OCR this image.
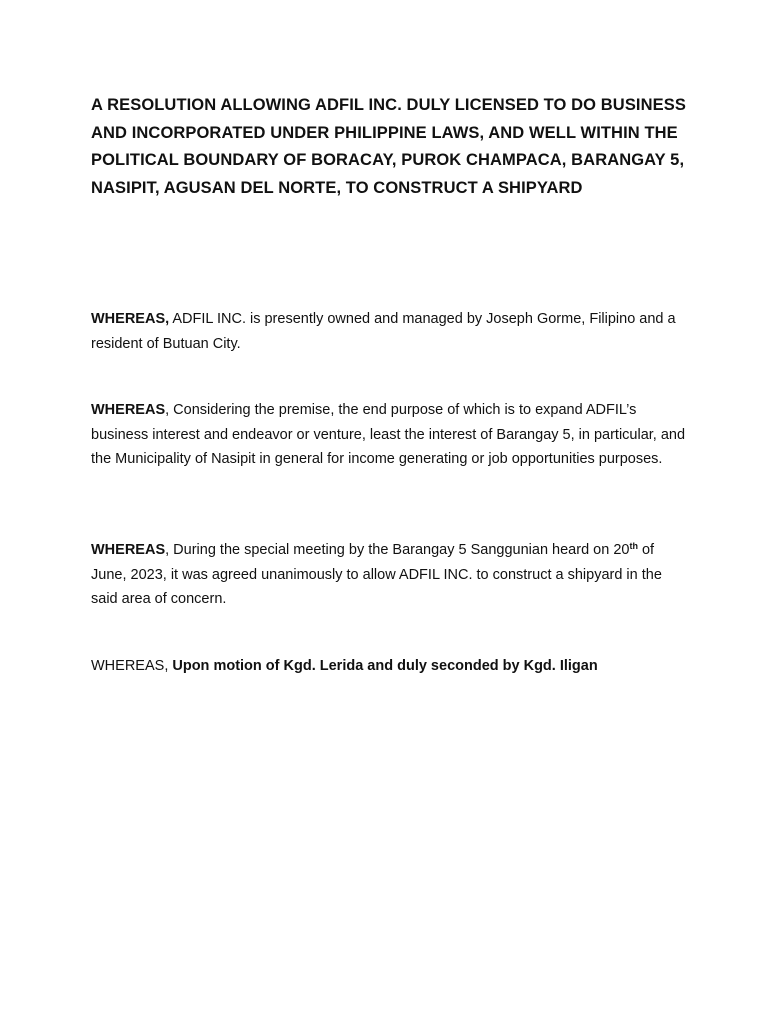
A RESOLUTION ALLOWING ADFIL INC. DULY LICENSED TO DO BUSINESS AND INCORPORATED UNDER PHILIPPINE LAWS, AND WELL WITHIN THE POLITICAL BOUNDARY OF BORACAY, PUROK CHAMPACA, BARANGAY 5, NASIPIT, AGUSAN DEL NORTE, TO CONSTRUCT A SHIPYARD

WHEREAS, ADFIL INC. is presently owned and managed by Joseph Gorme, Filipino and a resident of Butuan City.

WHEREAS, Considering the premise, the end purpose of which is to expand ADFIL’s business interest and endeavor or venture, least the interest of Barangay 5, in particular, and the Municipality of Nasipit in general for income generating or job opportunities purposes.

WHEREAS, During the special meeting by the Barangay 5 Sanggunian heard on 20th of June, 2023, it was agreed unanimously to allow ADFIL INC. to construct a shipyard in the said area of concern.

WHEREAS, Upon motion of Kgd. Lerida and duly seconded by Kgd. Iligan
